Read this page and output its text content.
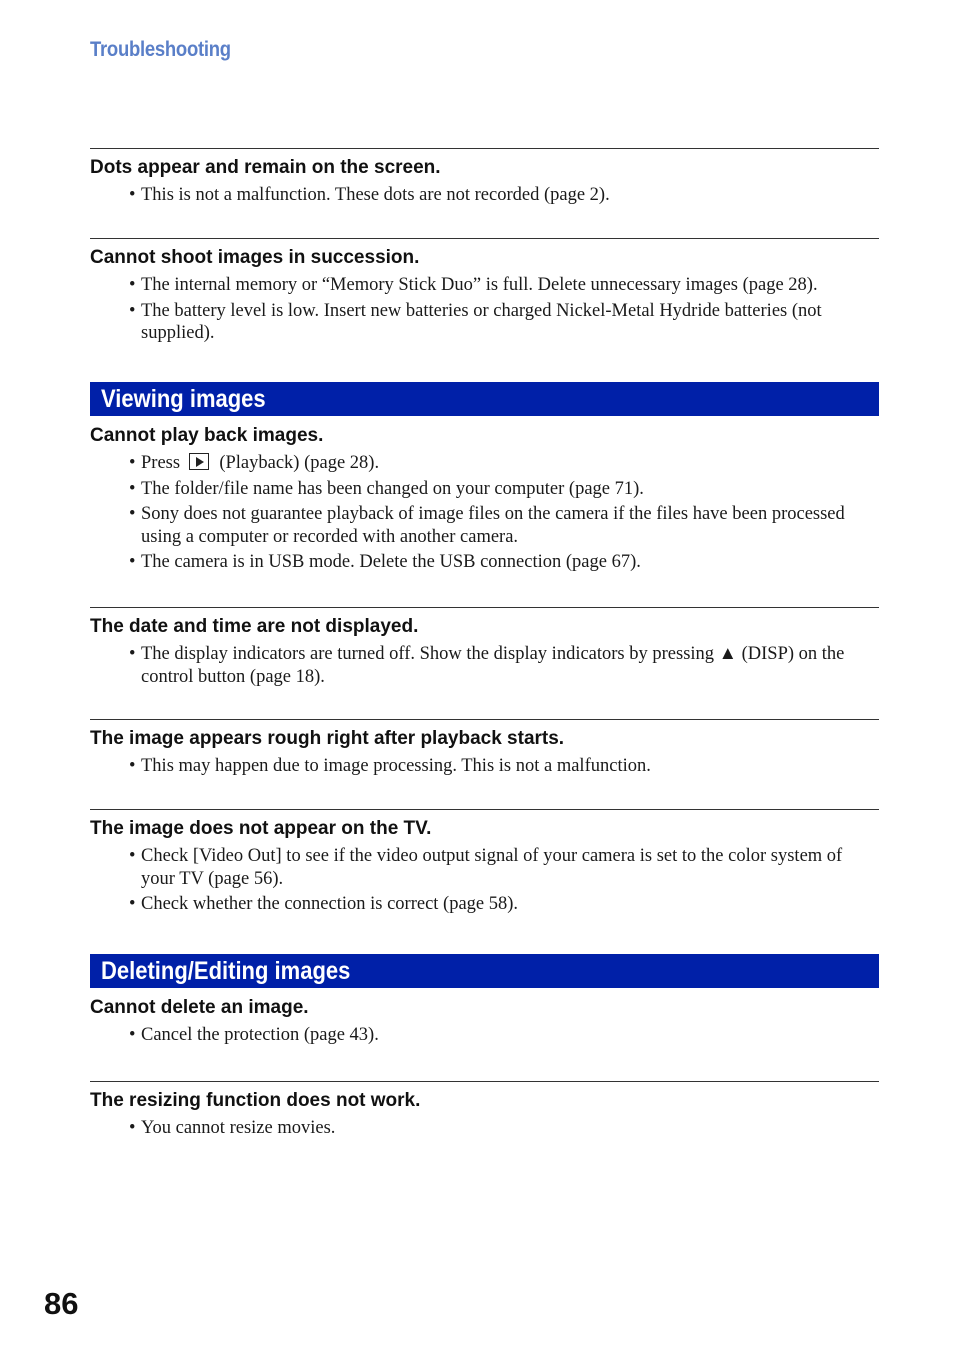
Troubleshooting
Dots appear and remain on the screen.
• This is not a malfunction. These dots are not recorded (page 2).
Cannot shoot images in succession.
• The internal memory or “Memory Stick Duo” is full. Delete unnecessary images (page 28).
• The battery level is low. Insert new batteries or charged Nickel-Metal Hydride batteries (not supplied).
Viewing images
Cannot play back images.
• Press (Playback) (page 28).
• The folder/file name has been changed on your computer (page 71).
• Sony does not guarantee playback of image files on the camera if the files have been processed using a computer or recorded with another camera.
• The camera is in USB mode. Delete the USB connection (page 67).
The date and time are not displayed.
• The display indicators are turned off. Show the display indicators by pressing ▲ (DISP) on the control button (page 18).
The image appears rough right after playback starts.
• This may happen due to image processing. This is not a malfunction.
The image does not appear on the TV.
• Check [Video Out] to see if the video output signal of your camera is set to the color system of your TV (page 56).
• Check whether the connection is correct (page 58).
Deleting/Editing images
Cannot delete an image.
• Cancel the protection (page 43).
The resizing function does not work.
• You cannot resize movies.
86
